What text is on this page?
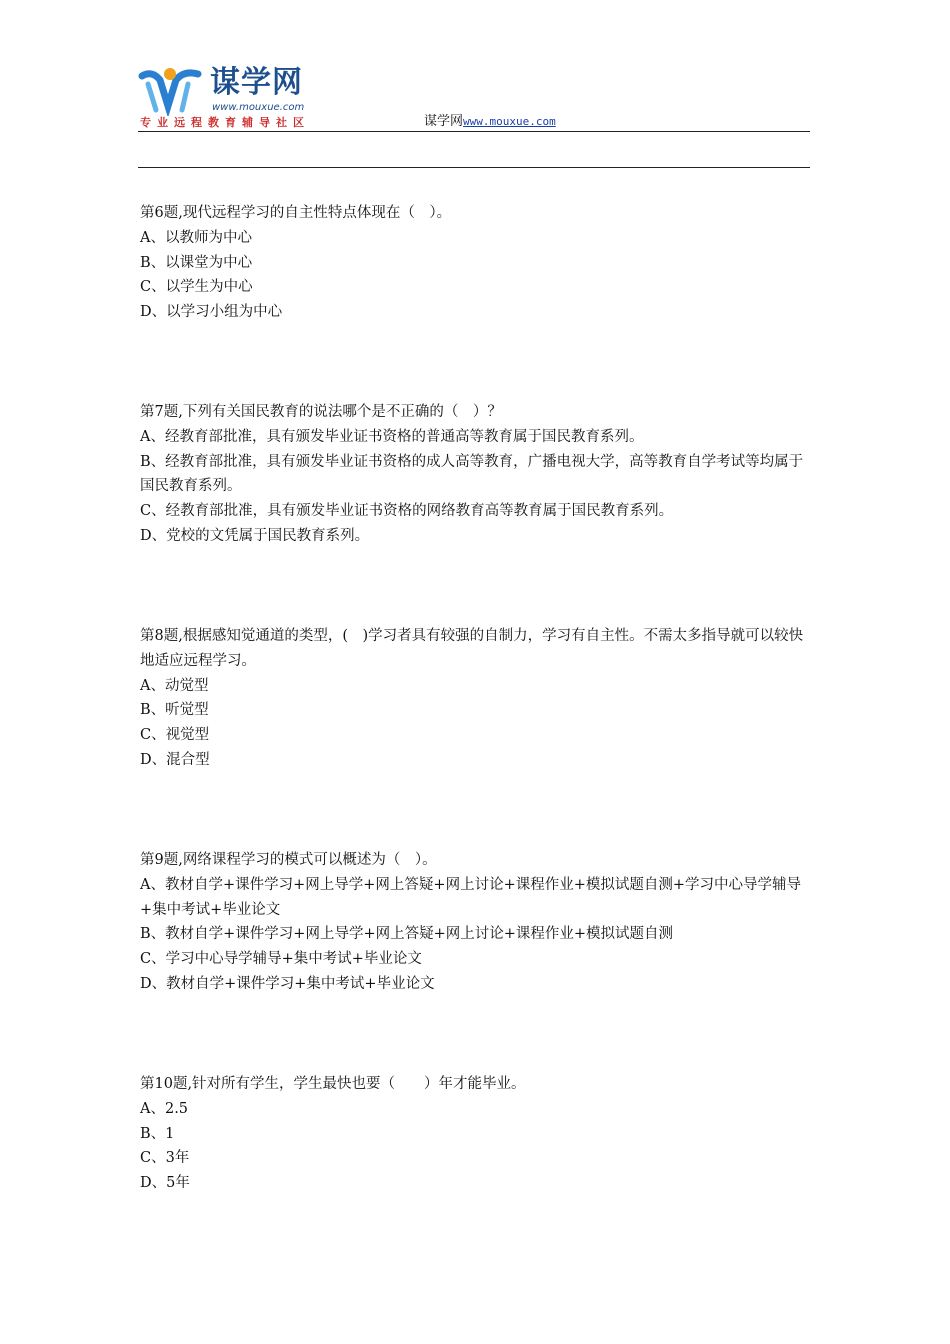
谋学网
www.mouxue.com
专业远程教育辅导社区	谋学网www.mouxue.com

第6题,现代远程学习的自主性特点体现在（　）。

A、以教师为中心

B、以课堂为中心

C、以学生为中心

D、以学习小组为中心

第7题,下列有关国民教育的说法哪个是不正确的（　）？

A、经教育部批准，具有颁发毕业证书资格的普通高等教育属于国民教育系列。

B、经教育部批准，具有颁发毕业证书资格的成人高等教育，广播电视大学，高等教育自学考试等均属于国民教育系列。

C、经教育部批准，具有颁发毕业证书资格的网络教育高等教育属于国民教育系列。

D、党校的文凭属于国民教育系列。

第8题,根据感知觉通道的类型，(　)学习者具有较强的自制力，学习有自主性。不需太多指导就可以较快地适应远程学习。

A、动觉型

B、听觉型

C、视觉型

D、混合型

第9题,网络课程学习的模式可以概述为（　）。

A、教材自学+课件学习+网上导学+网上答疑+网上讨论+课程作业+模拟试题自测+学习中心导学辅导+集中考试+毕业论文

B、教材自学+课件学习+网上导学+网上答疑+网上讨论+课程作业+模拟试题自测

C、学习中心导学辅导+集中考试+毕业论文

D、教材自学+课件学习+集中考试+毕业论文

第10题,针对所有学生，学生最快也要（　　）年才能毕业。

A、2.5

B、1

C、3年

D、5年
